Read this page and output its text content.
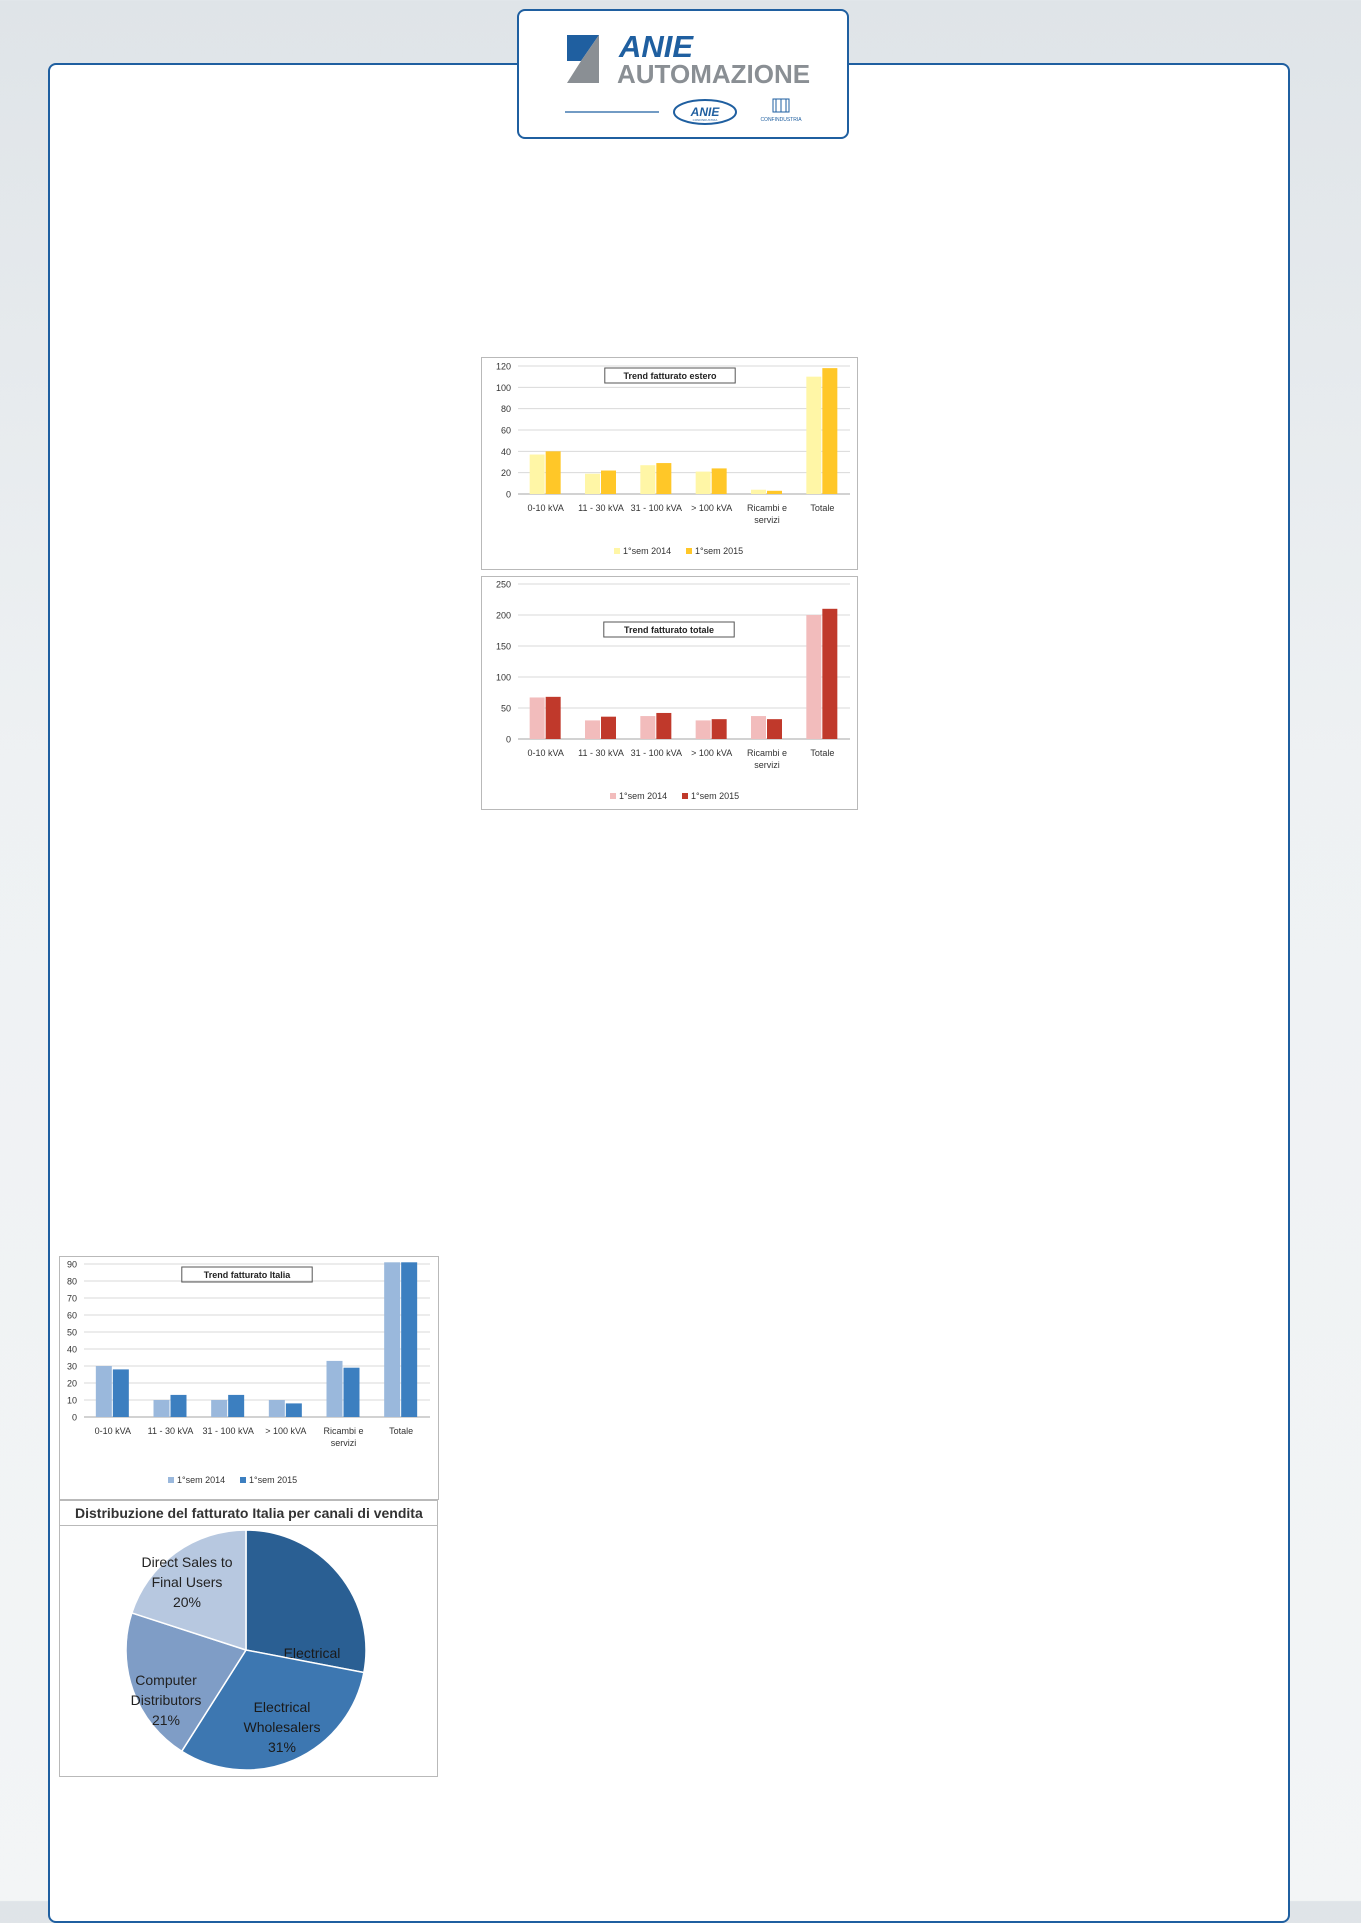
ANIE
AUTOMAZIONE
ANIE
CONFINDUSTRIA	CONFINDUSTRIA
0
20
40
60
80
100
120
0-10 kVA 11 - 30 kVA 31 - 100 kVA > 100 kVA Ricambi e
servizi
Totale
Trend fatturato estero
1°sem 2014	1°sem 2015
0
50
100
150
200
250
0-10 kVA 11 - 30 kVA 31 - 100 kVA > 100 kVA Ricambi e
servizi
Totale
Trend fatturato totale
1°sem 2014	1°sem 2015
0
10
20
30
40
50
60
70
80
90
0-10 kVA 11 - 30 kVA 31 - 100 kVA > 100 kVA Ricambi e
servizi
Totale
Trend fatturato Italia
1°sem 2014	1°sem 2015
Distribuzione del fatturato Italia per canali di vendita
Electrical
Electrical
Wholesalers
31%
Computer
Distributors
21%
Direct Sales to
Final Users
20%
